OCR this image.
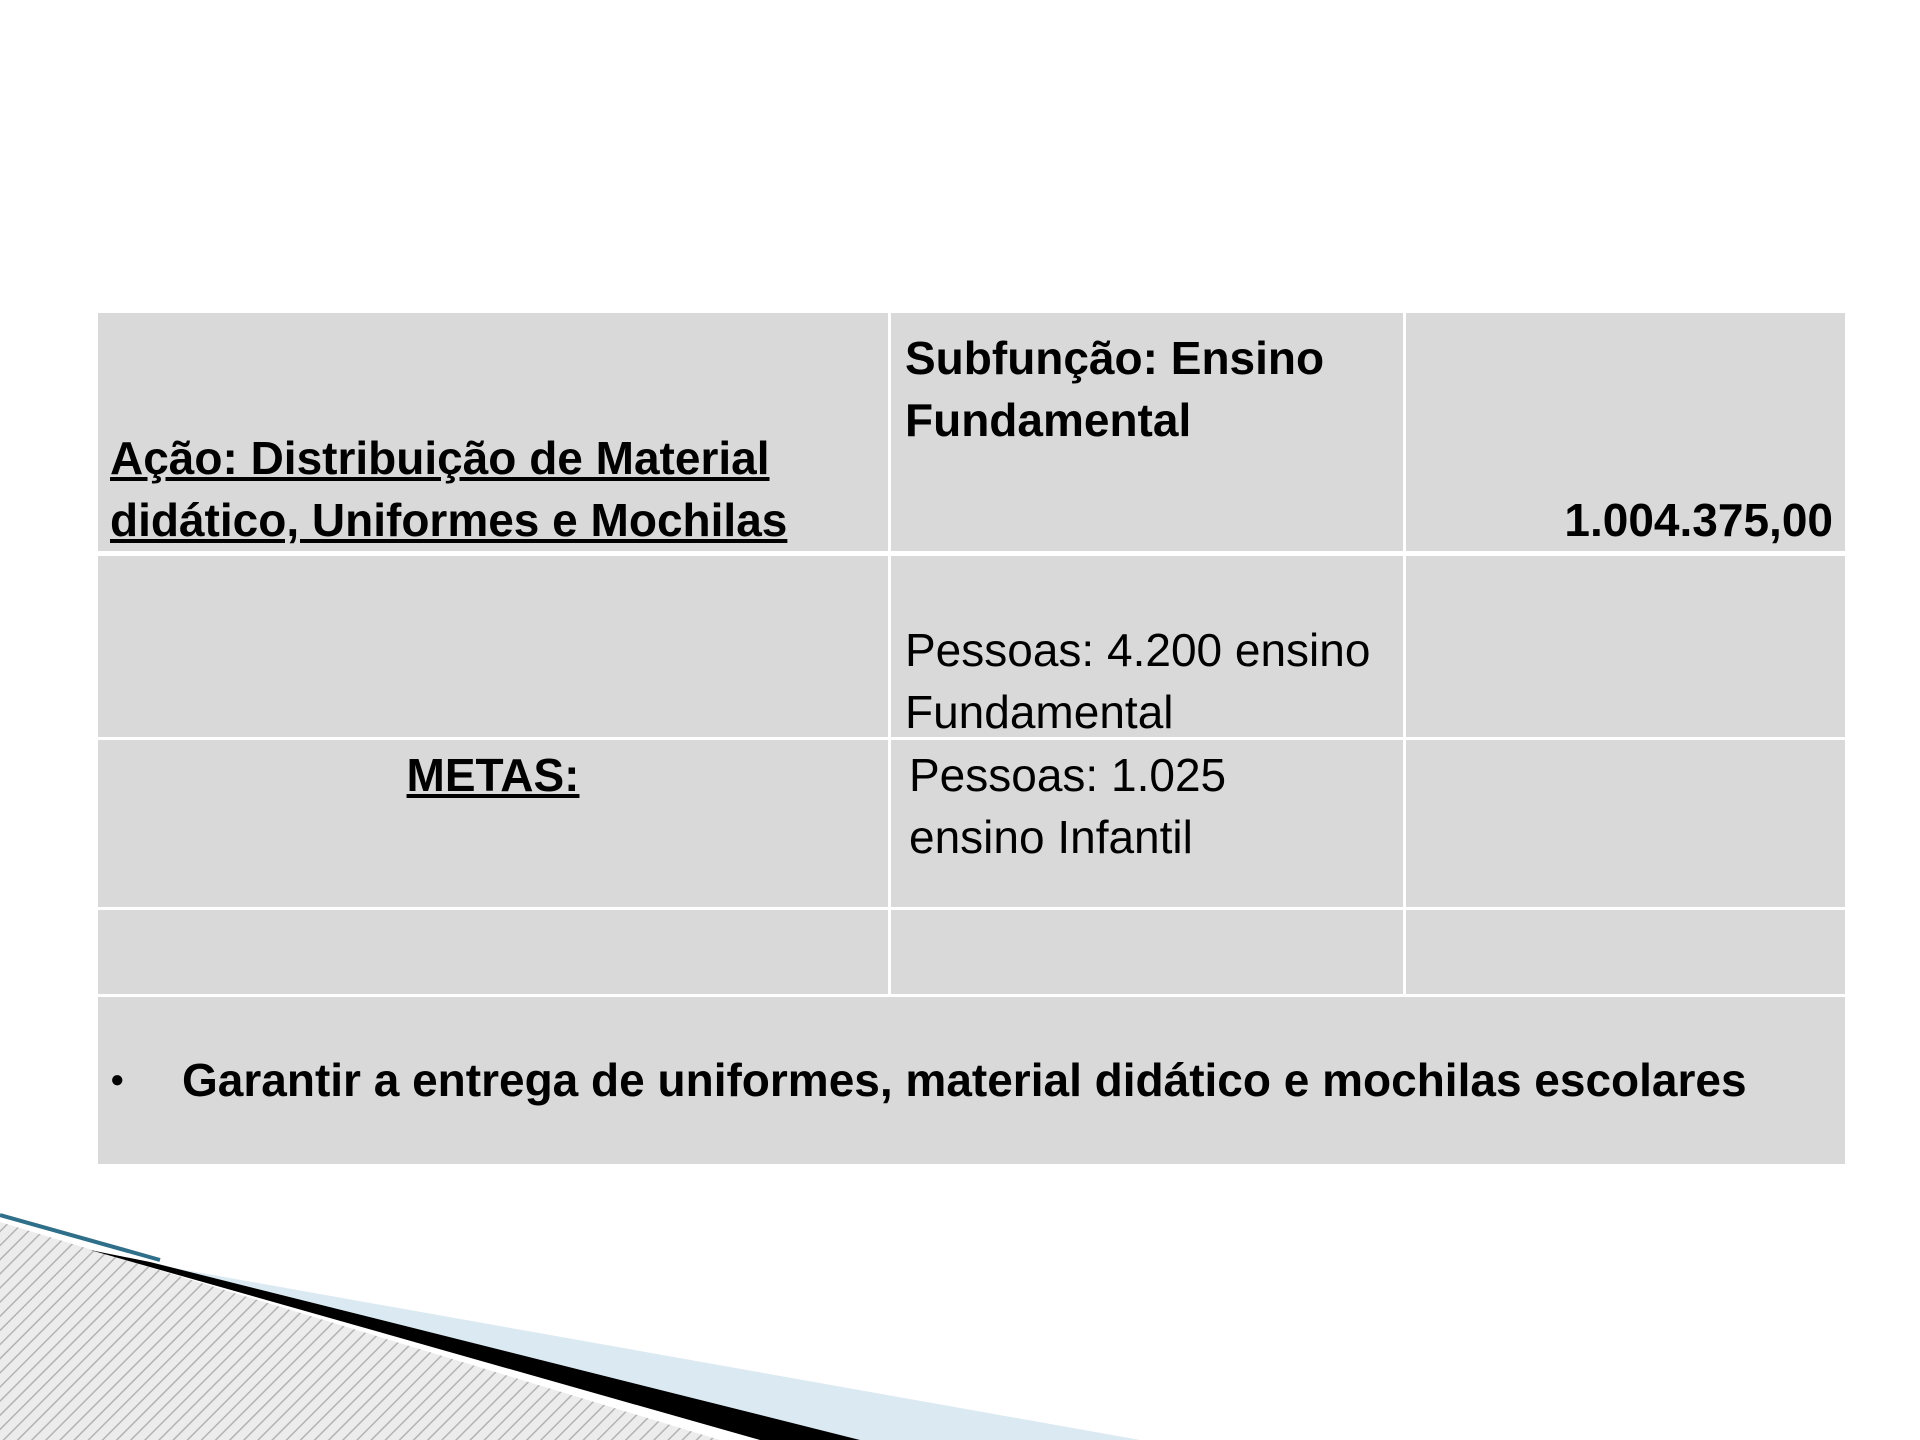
Ação: Distribuição de Material didático, Uniformes e Mochilas
Subfunção: Ensino Fundamental
1.004.375,00
Pessoas: 4.200 ensino Fundamental
METAS:	Pessoas: 1.025 ensino Infantil
● Garantir a entrega de uniformes, material didático e mochilas escolares
